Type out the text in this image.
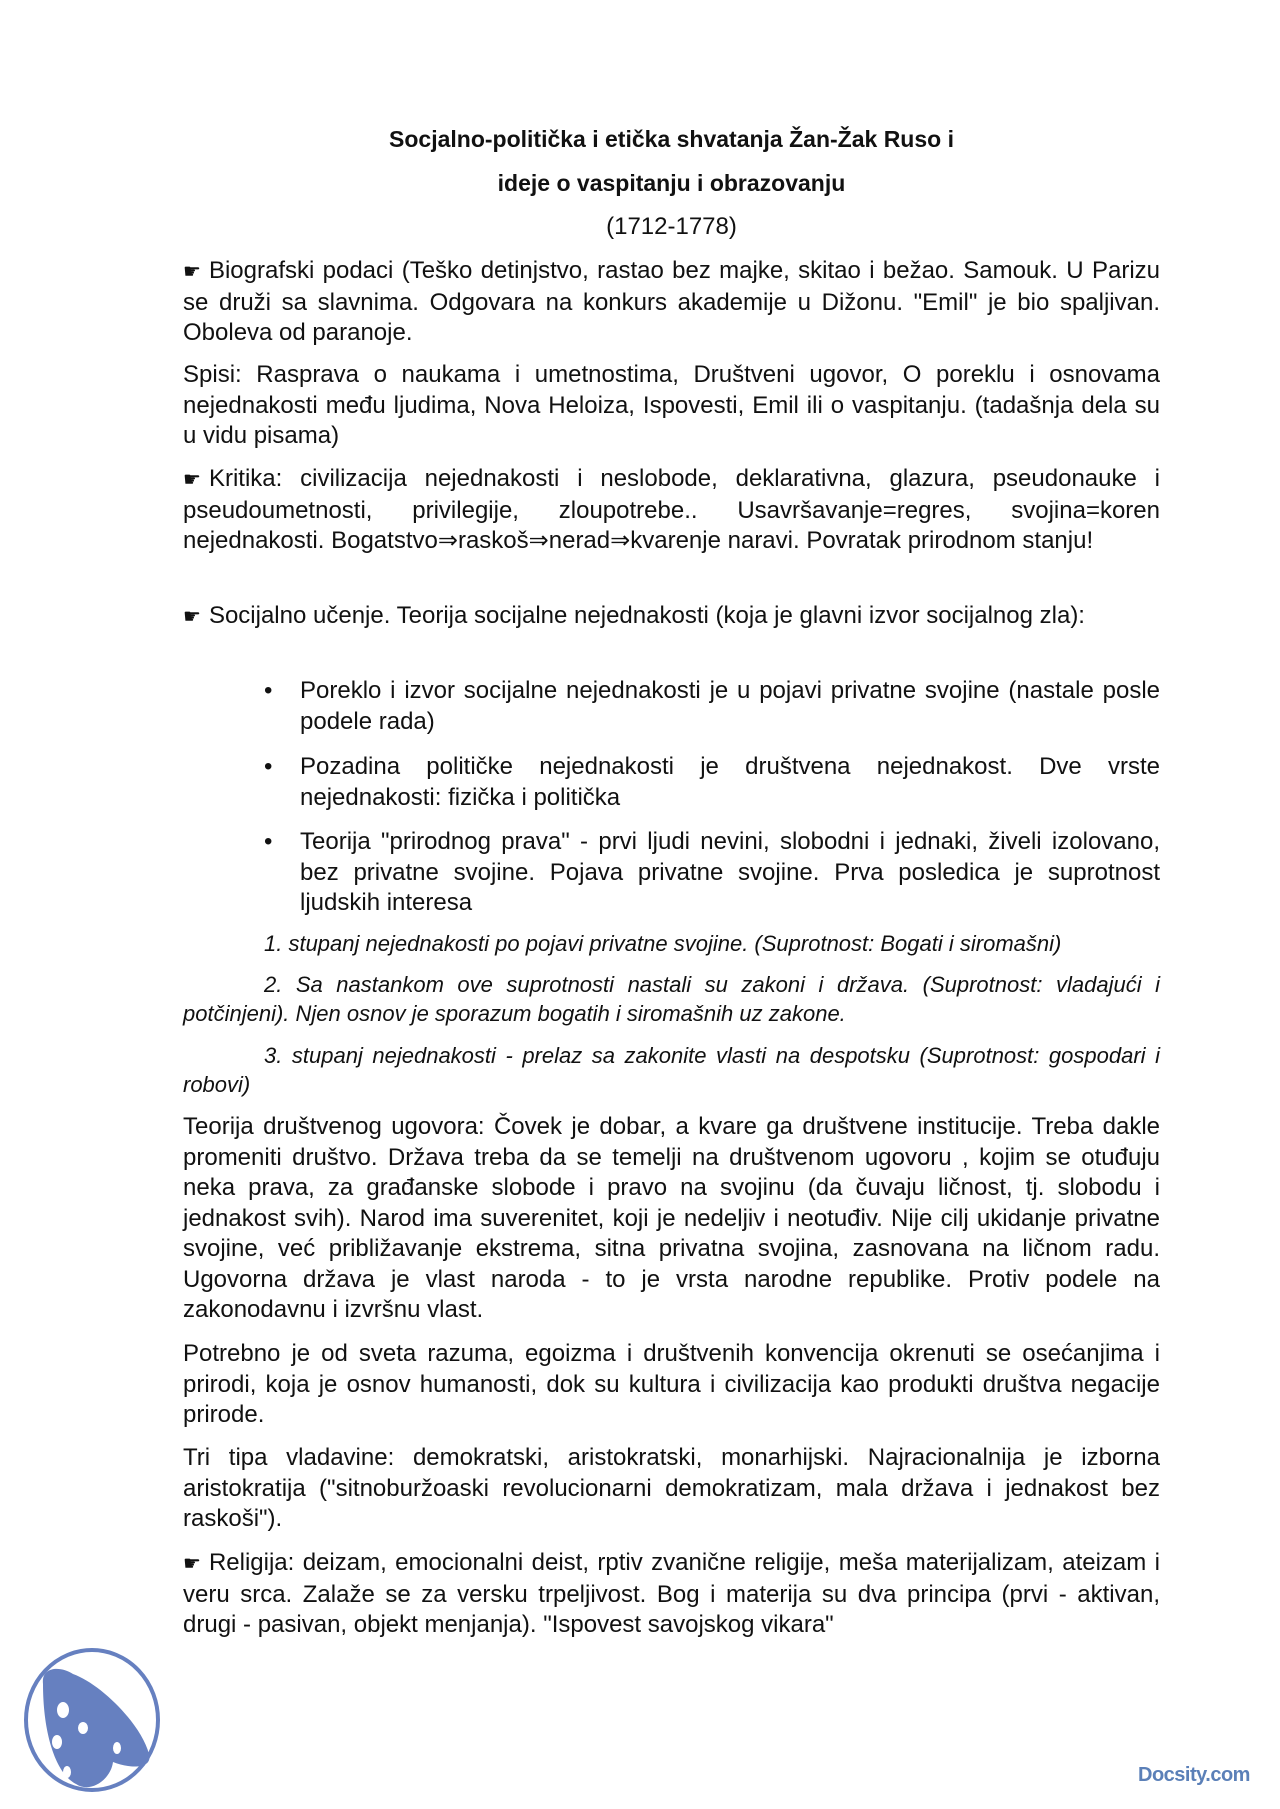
Socjalno-politička i etička shvatanja Žan-Žak Ruso i
ideje o vaspitanju i obrazovanju
(1712-1778)
☛ Biografski podaci (Teško detinjstvo, rastao bez majke, skitao i bežao. Samouk. U Parizu se druži sa slavnima. Odgovara na konkurs akademije u Dižonu. "Emil" je bio spaljivan. Oboleva od paranoje.
Spisi: Rasprava o naukama i umetnostima, Društveni ugovor, O poreklu i osnovama nejednakosti među ljudima, Nova Heloiza, Ispovesti, Emil ili o vaspitanju. (tadašnja dela su u vidu pisama)
☛ Kritika: civilizacija nejednakosti i neslobode, deklarativna, glazura, pseudonauke i pseudoumetnosti, privilegije, zloupotrebe.. Usavršavanje=regres, svojina=koren nejednakosti. Bogatstvo⇒raskoš⇒nerad⇒kvarenje naravi. Povratak prirodnom stanju!
☛ Socijalno učenje. Teorija socijalne nejednakosti (koja je glavni izvor socijalnog zla):
• Poreklo i izvor socijalne nejednakosti je u pojavi privatne svojine (nastale posle podele rada)
• Pozadina političke nejednakosti je društvena nejednakost. Dve vrste nejednakosti: fizička i politička
• Teorija "prirodnog prava" - prvi ljudi nevini, slobodni i jednaki, živeli izolovano, bez privatne svojine. Pojava privatne svojine. Prva posledica je suprotnost ljudskih interesa
1. stupanj nejednakosti po pojavi privatne svojine. (Suprotnost: Bogati i siromašni)
2. Sa nastankom ove suprotnosti nastali su zakoni i država. (Suprotnost: vladajući i potčinjeni). Njen osnov je sporazum bogatih i siromašnih uz zakone.
3. stupanj nejednakosti - prelaz sa zakonite vlasti na despotsku (Suprotnost: gospodari i robovi)
Teorija društvenog ugovora: Čovek je dobar, a kvare ga društvene institucije. Treba dakle promeniti društvo. Država treba da se temelji na društvenom ugovoru , kojim se otuđuju neka prava, za građanske slobode i pravo na svojinu (da čuvaju ličnost, tj. slobodu i jednakost svih). Narod ima suverenitet, koji je nedeljiv i neotuđiv. Nije cilj ukidanje privatne svojine, već približavanje ekstrema, sitna privatna svojina, zasnovana na ličnom radu. Ugovorna država je vlast naroda - to je vrsta narodne republike. Protiv podele na zakonodavnu i izvršnu vlast.
Potrebno je od sveta razuma, egoizma i društvenih konvencija okrenuti se osećanjima i prirodi, koja je osnov humanosti, dok su kultura i civilizacija kao produkti društva negacije prirode.
Tri tipa vladavine: demokratski, aristokratski, monarhijski. Najracionalnija je izborna aristokratija ("sitnoburžoaski revolucionarni demokratizam, mala država i jednakost bez raskoši").
☛ Religija: deizam, emocionalni deist, rptiv zvanične religije, meša materijalizam, ateizam i veru srca. Zalaže se za versku trpeljivost. Bog i materija su dva principa (prvi - aktivan, drugi - pasivan, objekt menjanja). "Ispovest savojskog vikara"
Docsity.com
